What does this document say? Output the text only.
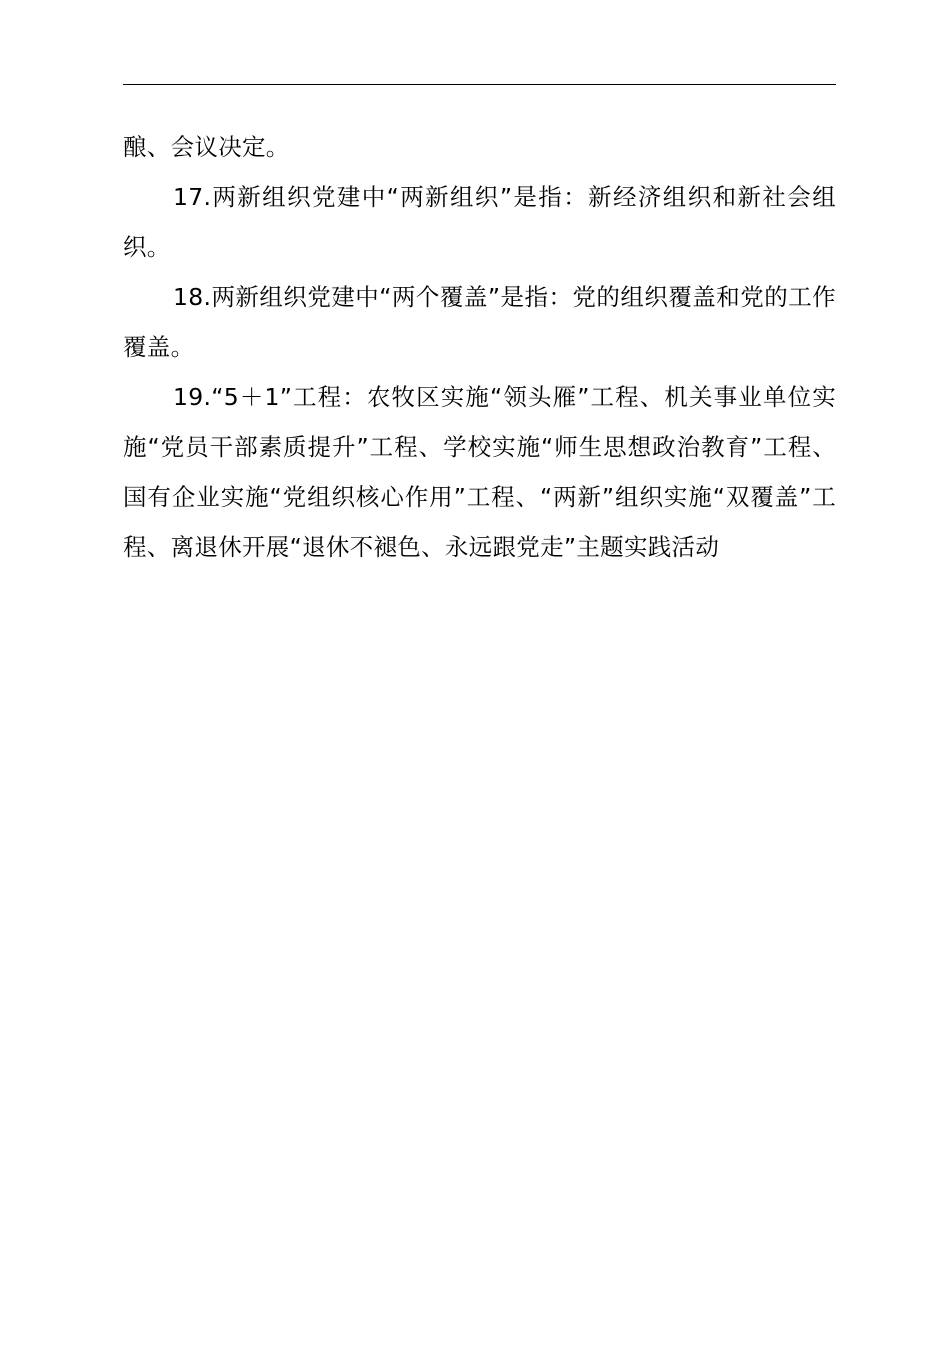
酿、会议决定。

17.两新组织党建中“两新组织”是指：新经济组织和新社会组织。

18.两新组织党建中“两个覆盖”是指：党的组织覆盖和党的工作覆盖。

19.“5＋1”工程：农牧区实施“领头雁”工程、机关事业单位实施“党员干部素质提升”工程、学校实施“师生思想政治教育”工程、国有企业实施“党组织核心作用”工程、“两新”组织实施“双覆盖”工程、离退休开展“退休不褪色、永远跟党走”主题实践活动
